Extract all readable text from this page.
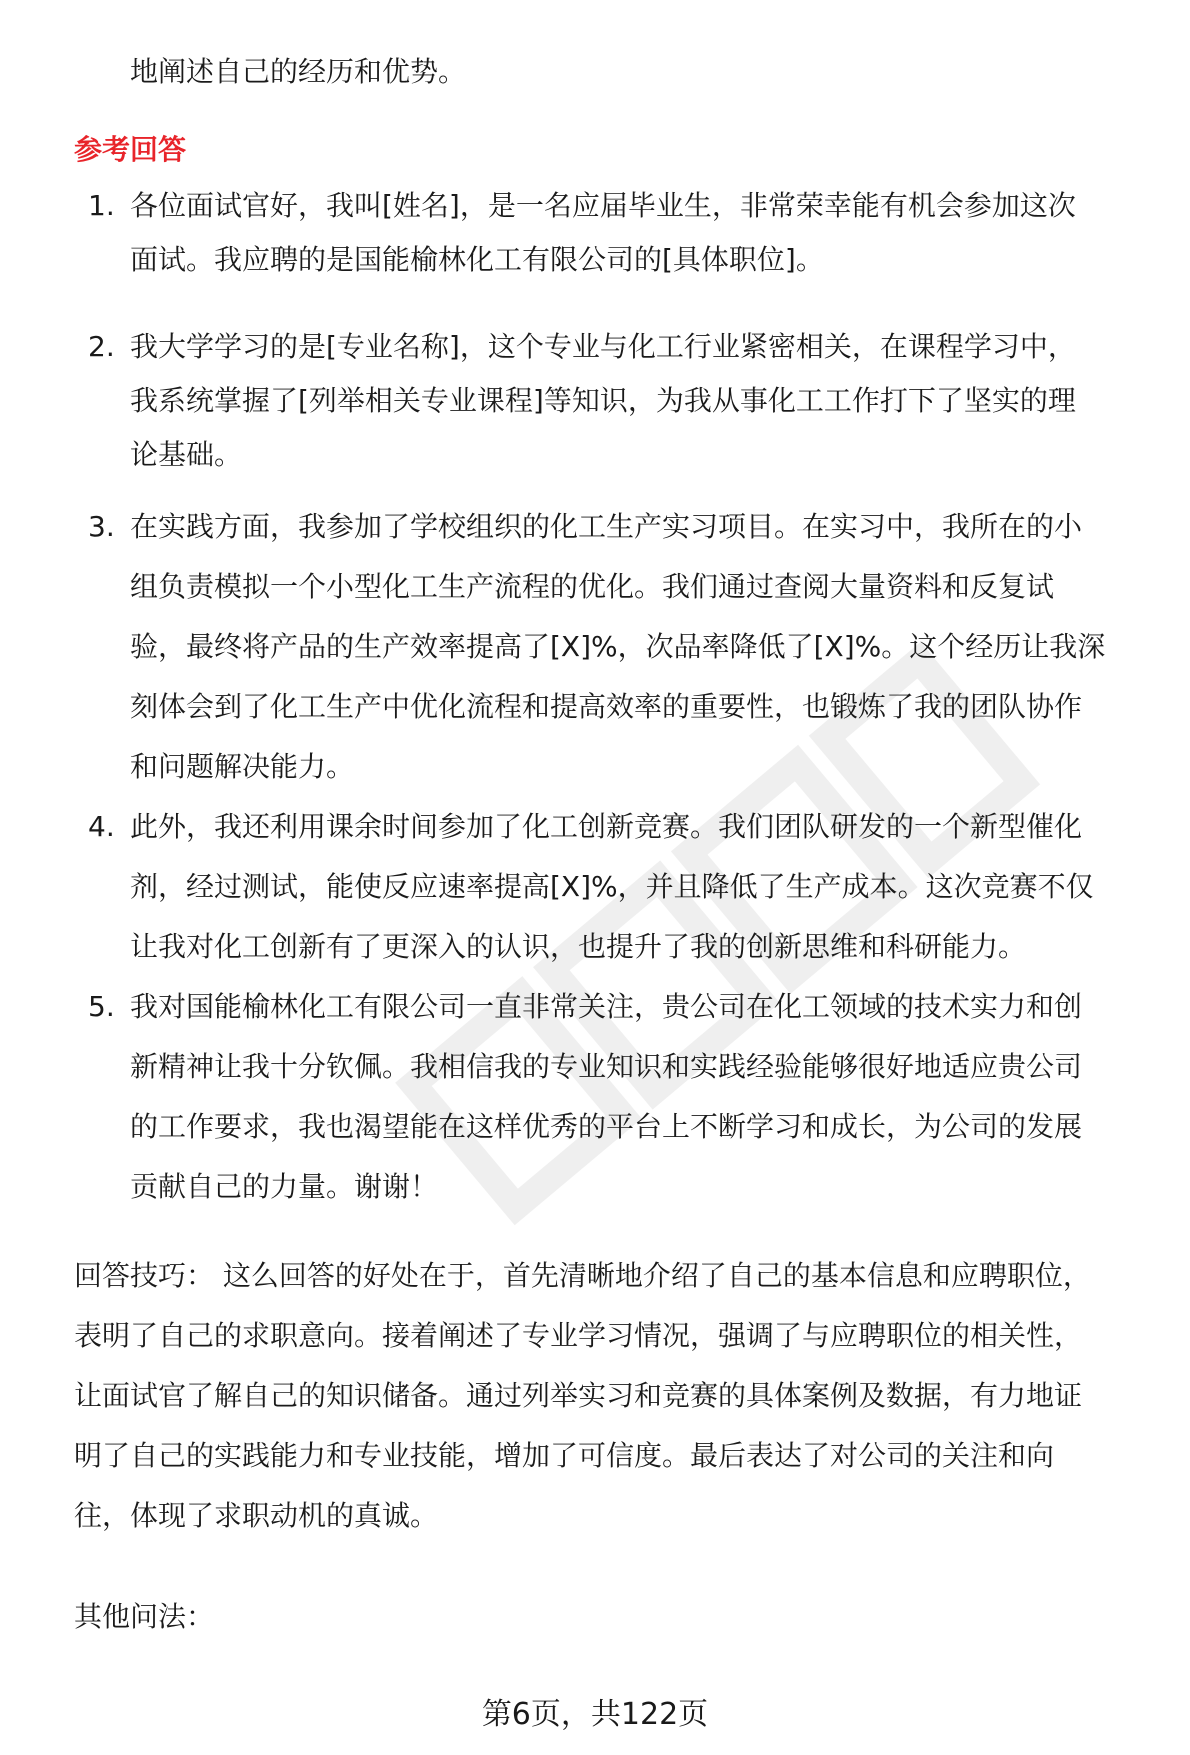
地阐述自己的经历和优势。
参考回答
1. 各位面试官好，我叫[姓名]，是一名应届毕业生，非常荣幸能有机会参加这次
面试。我应聘的是国能榆林化工有限公司的[具体职位]。
2. 我大学学习的是[专业名称]，这个专业与化工行业紧密相关，在课程学习中，
我系统掌握了[列举相关专业课程]等知识，为我从事化工工作打下了坚实的理
论基础。
3. 在实践方面，我参加了学校组织的化工生产实习项目。在实习中，我所在的小
组负责模拟一个小型化工生产流程的优化。我们通过查阅大量资料和反复试
验，最终将产品的生产效率提高了[X]%，次品率降低了[X]%。这个经历让我深
刻体会到了化工生产中优化流程和提高效率的重要性，也锻炼了我的团队协作
和问题解决能力。
4. 此外，我还利用课余时间参加了化工创新竞赛。我们团队研发的一个新型催化
剂，经过测试，能使反应速率提高[X]%，并且降低了生产成本。这次竞赛不仅
让我对化工创新有了更深入的认识，也提升了我的创新思维和科研能力。
5. 我对国能榆林化工有限公司一直非常关注，贵公司在化工领域的技术实力和创
新精神让我十分钦佩。我相信我的专业知识和实践经验能够很好地适应贵公司
的工作要求，我也渴望能在这样优秀的平台上不断学习和成长，为公司的发展
贡献自己的力量。谢谢！
回答技巧： 这么回答的好处在于，首先清晰地介绍了自己的基本信息和应聘职位，
表明了自己的求职意向。接着阐述了专业学习情况，强调了与应聘职位的相关性，
让面试官了解自己的知识储备。通过列举实习和竞赛的具体案例及数据，有力地证
明了自己的实践能力和专业技能，增加了可信度。最后表达了对公司的关注和向
往，体现了求职动机的真诚。
其他问法：
第6页，共122页
